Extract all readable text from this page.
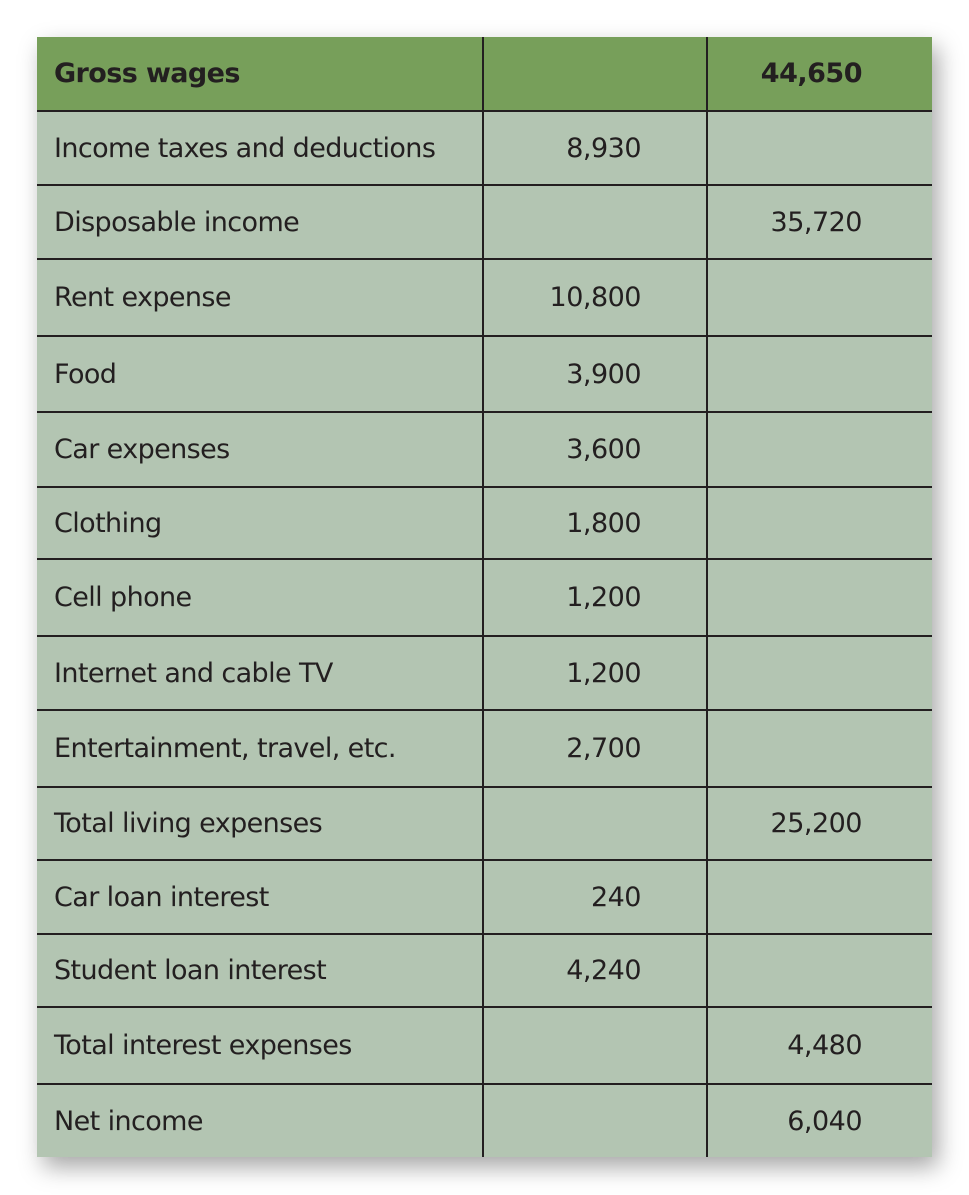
Gross wages		44,650
Income taxes and deductions	8,930	
Disposable income		35,720
Rent expense	10,800	
Food	3,900	
Car expenses	3,600	
Clothing	1,800	
Cell phone	1,200	
Internet and cable TV	1,200	
Entertainment, travel, etc.	2,700	
Total living expenses		25,200
Car loan interest	240	
Student loan interest	4,240	
Total interest expenses		4,480
Net income		6,040
